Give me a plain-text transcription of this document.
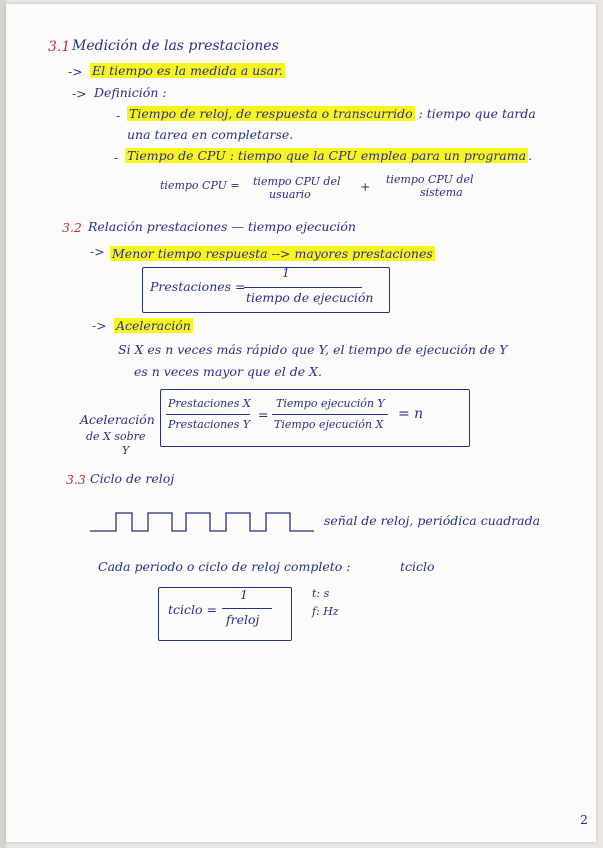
3.1 Medición de las prestaciones
-> El tiempo es la medida a usar.
-> Definición :
- Tiempo de reloj, de respuesta o transcurrido : tiempo que tarda
una tarea en completarse.
- Tiempo de CPU : tiempo que la CPU emplea para un programa .
tiempo CPU = tiempo CPU del
usuario
+ tiempo CPU del
sistema
3.2 Relación prestaciones — tiempo ejecución
-> Menor tiempo respuesta --> mayores prestaciones
Prestaciones =
1
tiempo de ejecución
-> Aceleración
Si X es n veces más rápido que Y, el tiempo de ejecución de Y
es n veces mayor que el de X.
Aceleración
de X sobre
Y
Prestaciones X
Prestaciones Y
=
Tiempo ejecución Y
Tiempo ejecución X
= n
3.3 Ciclo de reloj
señal de reloj, periódica cuadrada
Cada periodo o ciclo de reloj completo :	tciclo
tciclo =
1
freloj
t: s
f: Hz
2
